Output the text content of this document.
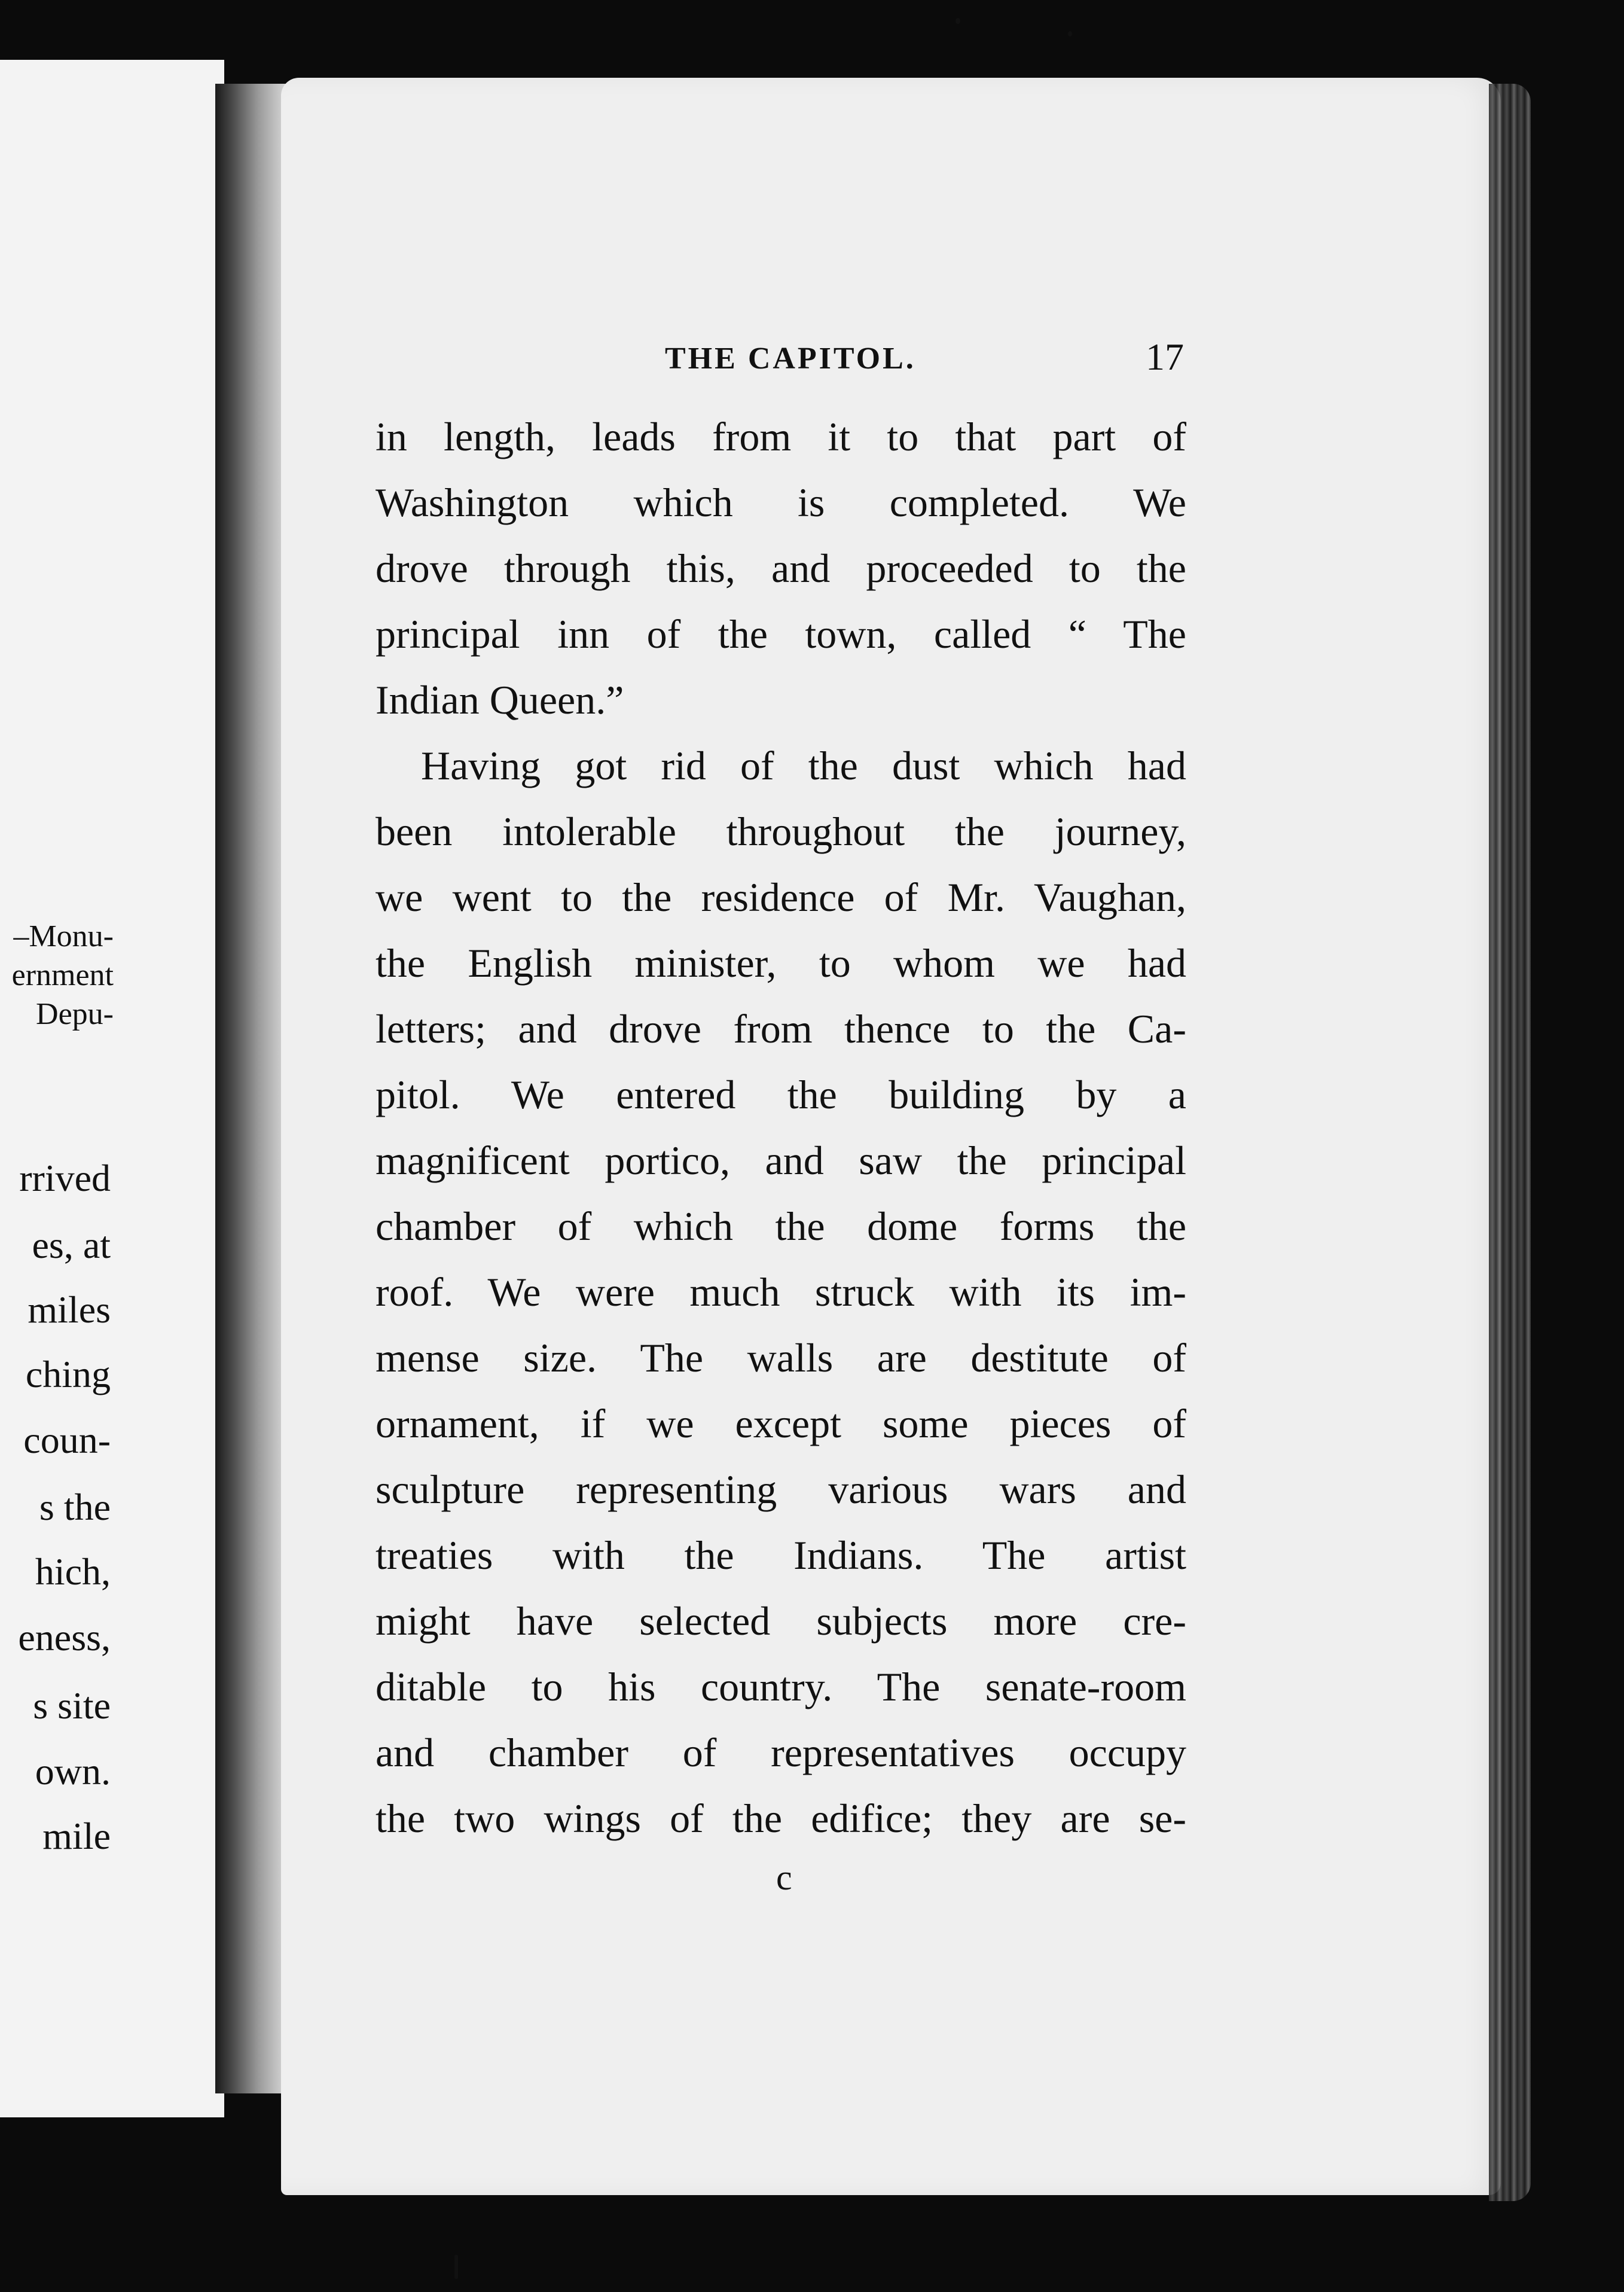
–Monu-
ernment
Depu-
rrived
es, at
miles
ching
coun-
s the
hich,
eness,
s site
own.
mile
THE CAPITOL.	17
in length, leads from it to that part of
Washington which is completed. We
drove through this, and proceeded to the
principal inn of the town, called “ The
Indian Queen.”
Having got rid of the dust which had
been intolerable throughout the journey,
we went to the residence of Mr. Vaughan,
the English minister, to whom we had
letters; and drove from thence to the Ca-
pitol. We entered the building by a
magnificent portico, and saw the principal
chamber of which the dome forms the
roof. We were much struck with its im-
mense size. The walls are destitute of
ornament, if we except some pieces of
sculpture representing various wars and
treaties with the Indians. The artist
might have selected subjects more cre-
ditable to his country. The senate-room
and chamber of representatives occupy
the two wings of the edifice; they are se-
c
